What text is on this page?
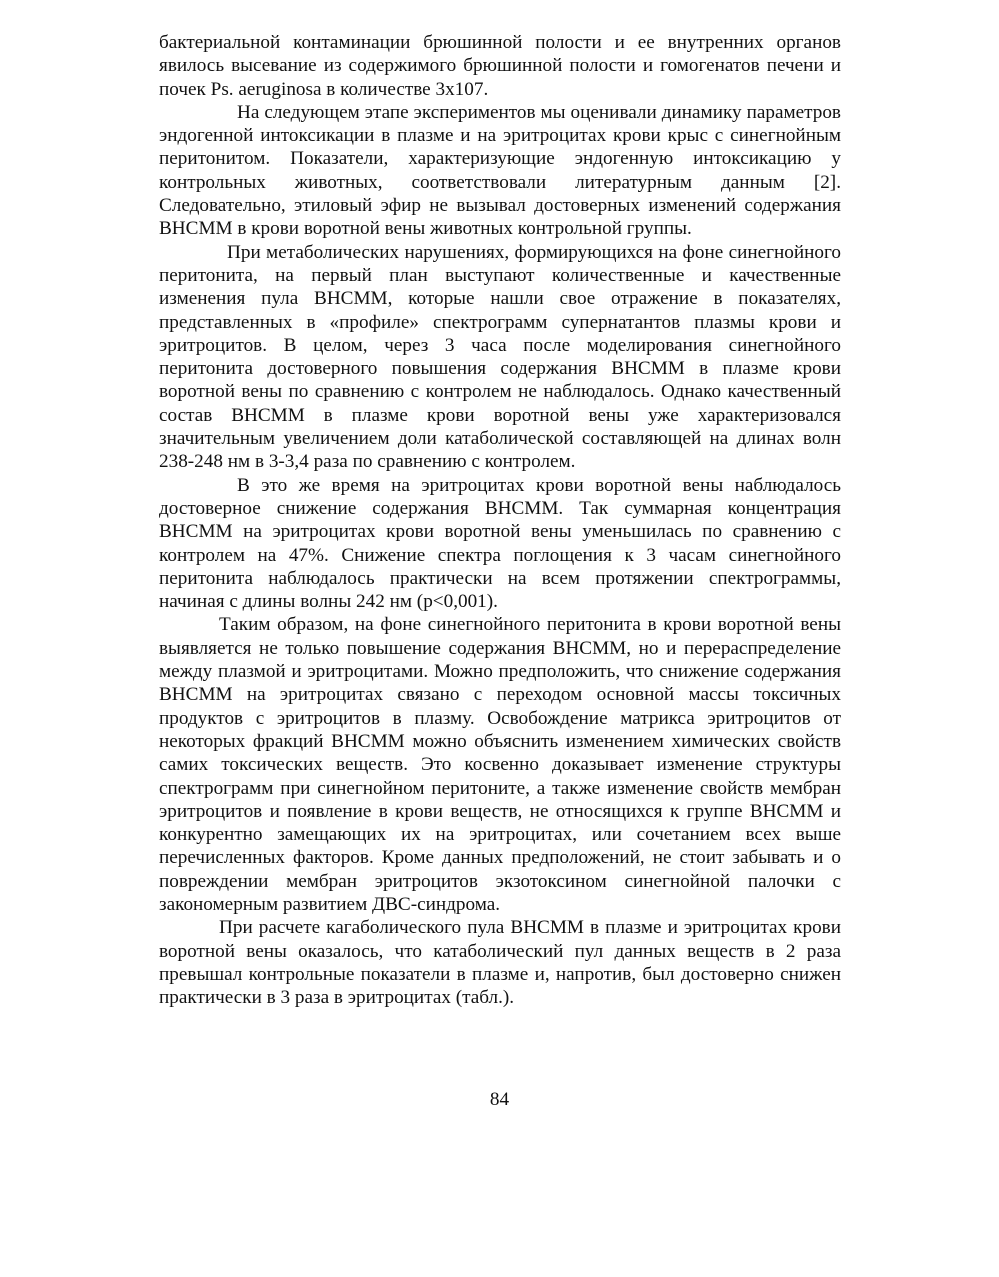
бактериальной контаминации брюшинной полости и ее внутренних органов явилось высевание из содержимого брюшинной полости и гомогенатов печени и почек Ps. aeruginosa в количестве 3х107.

На следующем этапе экспериментов мы оценивали динамику параметров эндогенной интоксикации в плазме и на эритроцитах крови крыс с синегнойным перитонитом. Показатели, характеризующие эндогенную интоксикацию у контрольных животных, соответствовали литературным данным [2]. Следовательно, этиловый эфир не вызывал достоверных изменений содержания ВНСММ в крови воротной вены животных контрольной группы.

При метаболических нарушениях, формирующихся на фоне синегнойного перитонита, на первый план выступают количественные и качественные изменения пула ВНСММ, которые нашли свое отражение в показателях, представленных в «профиле» спектрограмм супернатантов плазмы крови и эритроцитов. В целом, через 3 часа после моделирования синегнойного перитонита достоверного повышения содержания ВНСММ в плазме крови воротной вены по сравнению с контролем не наблюдалось. Однако качественный состав ВНСММ в плазме крови воротной вены уже характеризовался значительным увеличением доли катаболической составляющей на длинах волн 238-248 нм в 3-3,4 раза по сравнению с контролем.

В это же время на эритроцитах крови воротной вены наблюдалось достоверное снижение содержания ВНСММ. Так суммарная концентрация ВНСММ на эритроцитах крови воротной вены уменьшилась по сравнению с контролем на 47%. Снижение спектра поглощения к 3 часам синегнойного перитонита наблюдалось практически на всем протяжении спектрограммы, начиная с длины волны 242 нм (р<0,001).

Таким образом, на фоне синегнойного перитонита в крови воротной вены выявляется не только повышение содержания ВНСММ, но и перераспределение между плазмой и эритроцитами. Можно предположить, что снижение содержания ВНСММ на эритроцитах связано с переходом основной массы токсичных продуктов с эритроцитов в плазму. Освобождение матрикса эритроцитов от некоторых фракций ВНСММ можно объяснить изменением химических свойств самих токсических веществ. Это косвенно доказывает изменение структуры спектрограмм при синегнойном перитоните, а также изменение свойств мембран эритроцитов и появление в крови веществ, не относящихся к группе ВНСММ и конкурентно замещающих их на эритроцитах, или сочетанием всех выше перечисленных факторов. Кроме данных предположений, не стоит забывать и о повреждении мембран эритроцитов экзотоксином синегнойной палочки с закономерным развитием ДВС-синдрома.

При расчете кагаболического пула ВНСММ в плазме и эритроцитах крови воротной вены оказалось, что катаболический пул данных веществ в 2 раза превышал контрольные показатели в плазме и, напротив, был достоверно снижен практически в 3 раза в эритроцитах (табл.).

84
